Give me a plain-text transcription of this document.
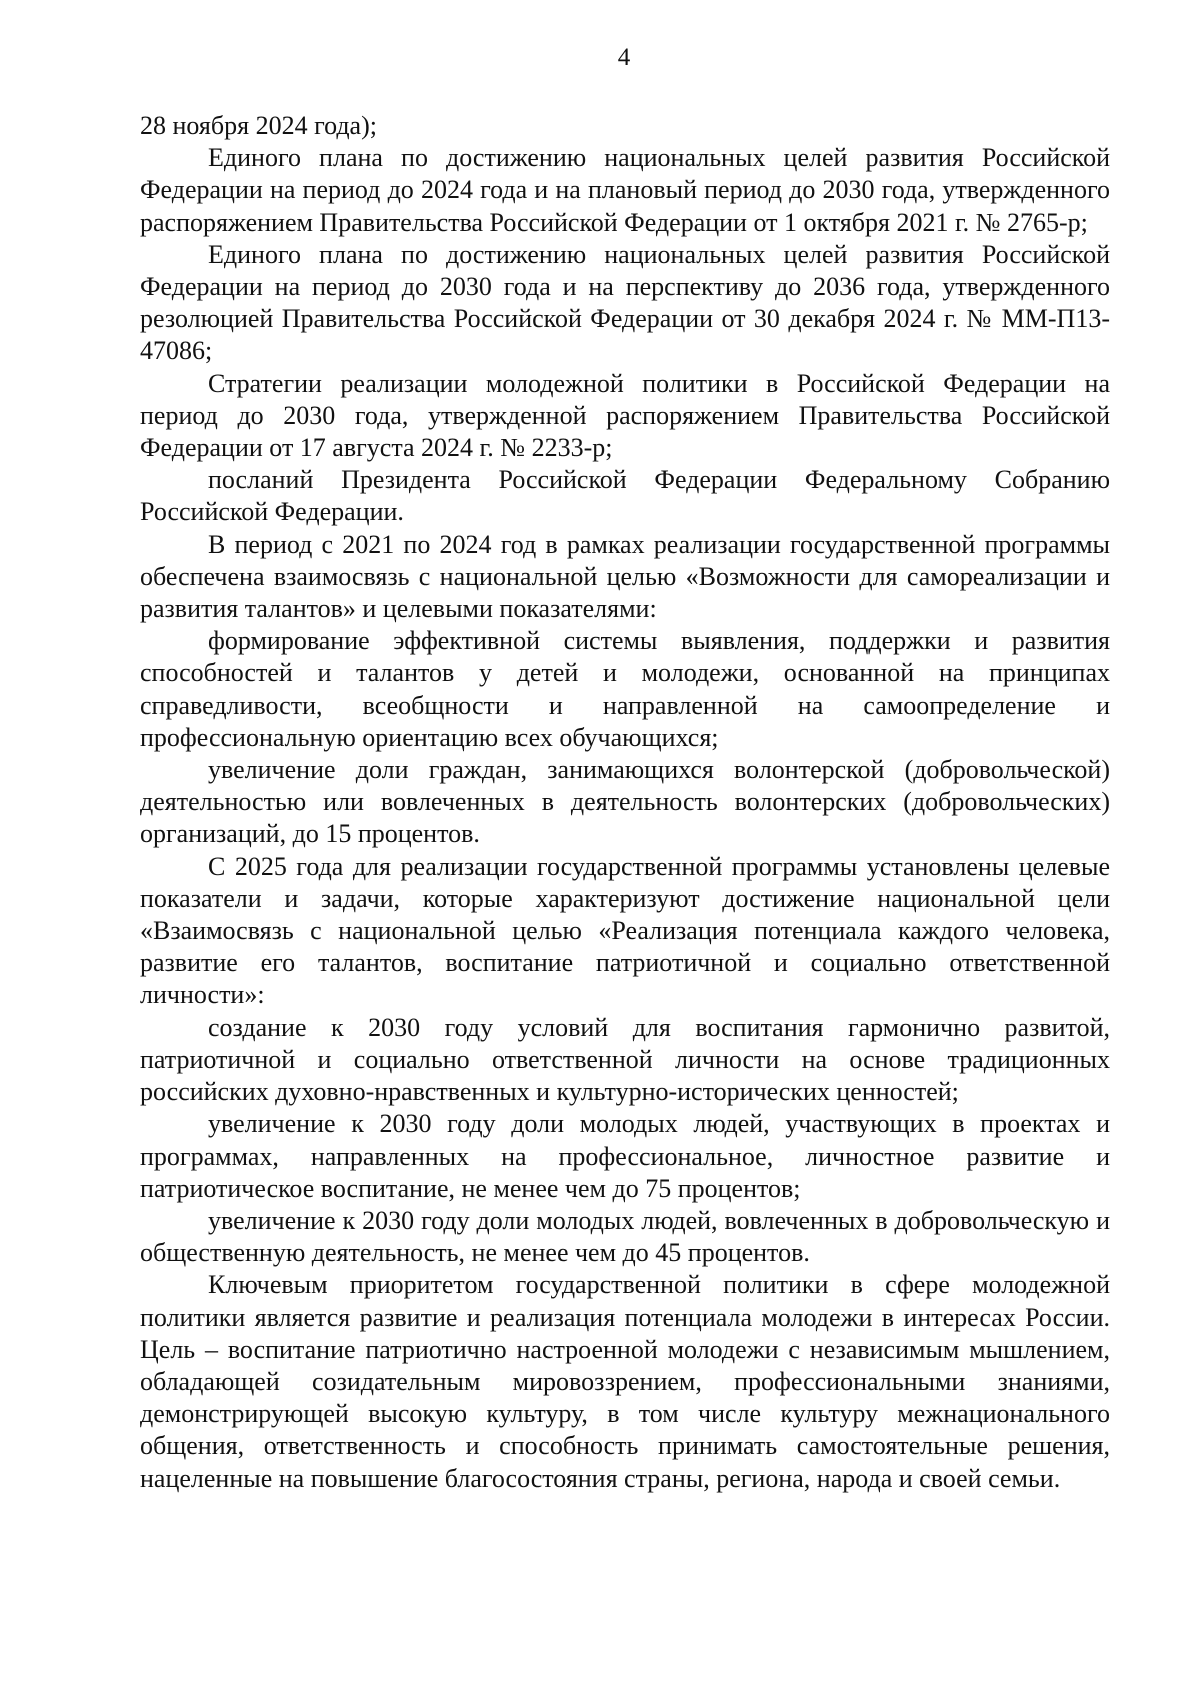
4

28 ноября 2024 года);

Единого плана по достижению национальных целей развития Российской Федерации на период до 2024 года и на плановый период до 2030 года, утвержденного распоряжением Правительства Российской Федерации от 1 октября 2021 г. № 2765-р;

Единого плана по достижению национальных целей развития Российской Федерации на период до 2030 года и на перспективу до 2036 года, утвержденного резолюцией Правительства Российской Федерации от 30 декабря 2024 г. № ММ-П13-47086;

Стратегии реализации молодежной политики в Российской Федерации на период до 2030 года, утвержденной распоряжением Правительства Российской Федерации от 17 августа 2024 г. № 2233-р;

посланий Президента Российской Федерации Федеральному Собранию Российской Федерации.

В период с 2021 по 2024 год в рамках реализации государственной программы обеспечена взаимосвязь с национальной целью «Возможности для самореализации и развития талантов» и целевыми показателями:

формирование эффективной системы выявления, поддержки и развития способностей и талантов у детей и молодежи, основанной на принципах справедливости, всеобщности и направленной на самоопределение и профессиональную ориентацию всех обучающихся;

увеличение доли граждан, занимающихся волонтерской (добровольческой) деятельностью или вовлеченных в деятельность волонтерских (добровольческих) организаций, до 15 процентов.

С 2025 года для реализации государственной программы установлены целевые показатели и задачи, которые характеризуют достижение национальной цели «Взаимосвязь с национальной целью «Реализация потенциала каждого человека, развитие его талантов, воспитание патриотичной и социально ответственной личности»:

создание к 2030 году условий для воспитания гармонично развитой, патриотичной и социально ответственной личности на основе традиционных российских духовно-нравственных и культурно-исторических ценностей;

увеличение к 2030 году доли молодых людей, участвующих в проектах и программах, направленных на профессиональное, личностное развитие и патриотическое воспитание, не менее чем до 75 процентов;

увеличение к 2030 году доли молодых людей, вовлеченных в добровольческую и общественную деятельность, не менее чем до 45 процентов.

Ключевым приоритетом государственной политики в сфере молодежной политики является развитие и реализация потенциала молодежи в интересах России. Цель – воспитание патриотично настроенной молодежи с независимым мышлением, обладающей созидательным мировоззрением, профессиональными знаниями, демонстрирующей высокую культуру, в том числе культуру межнационального общения, ответственность и способность принимать самостоятельные решения, нацеленные на повышение благосостояния страны, региона, народа и своей семьи.
